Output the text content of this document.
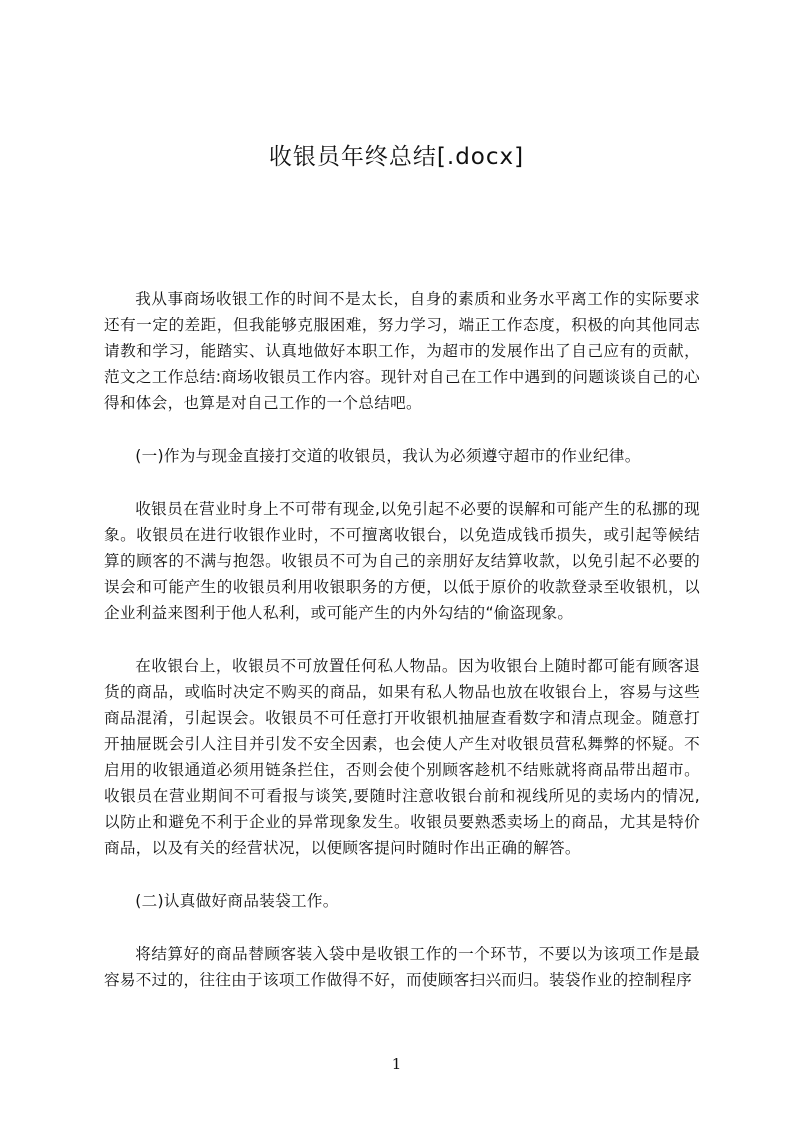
收银员年终总结[.docx]

我从事商场收银工作的时间不是太长，自身的素质和业务水平离工作的实际要求还有一定的差距，但我能够克服困难，努力学习，端正工作态度，积极的向其他同志请教和学习，能踏实、认真地做好本职工作，为超市的发展作出了自己应有的贡献，范文之工作总结:商场收银员工作内容。现针对自己在工作中遇到的问题谈谈自己的心得和体会，也算是对自己工作的一个总结吧。

(一)作为与现金直接打交道的收银员，我认为必须遵守超市的作业纪律。

收银员在营业时身上不可带有现金,以免引起不必要的误解和可能产生的私挪的现象。收银员在进行收银作业时，不可擅离收银台，以免造成钱币损失，或引起等候结算的顾客的不满与抱怨。收银员不可为自己的亲朋好友结算收款，以免引起不必要的误会和可能产生的收银员利用收银职务的方便，以低于原价的收款登录至收银机，以企业利益来图利于他人私利，或可能产生的内外勾结的“偷盗现象。

在收银台上，收银员不可放置任何私人物品。因为收银台上随时都可能有顾客退货的商品，或临时决定不购买的商品，如果有私人物品也放在收银台上，容易与这些商品混淆，引起误会。收银员不可任意打开收银机抽屉查看数字和清点现金。随意打开抽屉既会引人注目并引发不安全因素，也会使人产生对收银员营私舞弊的怀疑。不启用的收银通道必须用链条拦住，否则会使个别顾客趁机不结账就将商品带出超市。收银员在营业期间不可看报与谈笑,要随时注意收银台前和视线所见的卖场内的情况,以防止和避免不利于企业的异常现象发生。收银员要熟悉卖场上的商品，尤其是特价商品，以及有关的经营状况，以便顾客提问时随时作出正确的解答。

(二)认真做好商品装袋工作。

将结算好的商品替顾客装入袋中是收银工作的一个环节，不要以为该项工作是最容易不过的，往往由于该项工作做得不好，而使顾客扫兴而归。装袋作业的控制程序

1
